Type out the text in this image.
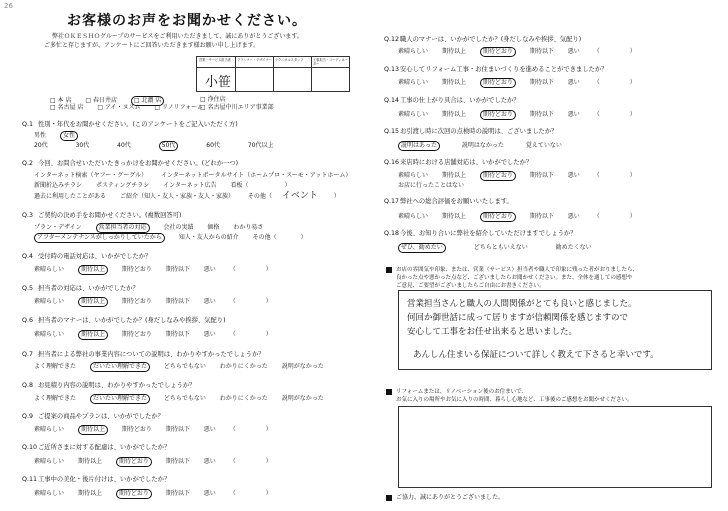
26
お客様のお声をお聞かせください。
弊社ＯＫＥＳＨＯグループのサービスをご利用いただきまして、誠にありがとうございます。
ご多忙と存じますが、アンケートにご回答いただきます様お願い申し上げます。
営業・サービス担当者	プランナー・デザイナー テクニカルスタッフ	工事担当・コーディネーター
小笹
□ 本 店 □ 春日井店	□ 北濃 店
□ 名古屋 店 □ アイ・ヌスム □ リノリフォーム
□ 浄住店
□ 名古屋中川エリア事業部
Q.1 性別・年代をお聞かせください。(このアンケートをご記入いただく方)
男性	女性
20代	30代	40代	50代	60代	70代以上
Q.2 今回、お問合せいただいたきっかけをお聞かせください。(どれか一つ)
インターネット検索（ヤフー・グーグル） インターネットポータルサイト（ホームプロ・スーモ・アットホーム）
新聞折込みチラシ ポスティングチラシ インターネット広告 看板（　　　　　　）
過去に利用したことがある ご紹介（知人・友人・家族・友人・家族） その他（ イベント	）
Q.3 ご契約の決め手をお聞かせください。(複数回答可)
プラン・デザイン	営業担当者の対応	会社の実績 価格 わかり易さ
アフターメンテナンスがしっかりしていたから	知人・友人からの紹介 その他（　　　　）
Q.4 受付時の電話対応は、いかがでしたか？
素晴らしい	期待以上	期待どおり 期待以下 悪い （　　　　　）
Q.5 担当者の対応は、いかがでしたか？
素晴らしい	期待以上	期待どおり 期待以下 悪い （　　　　　）
Q.6 担当者のマナーは、いかがでしたか？(身だしなみや挨拶、気配り)
素晴らしい	期待以上	期待どおり 期待以下 悪い （　　　　　）
Q.7 担当者による弊社の事業内容についての説明は、わかりやすかったでしょうか？
よく理解できた	だいたい理解できた	どちらでもない わかりにくかった 説明がなかった
Q.8 お見積り内容の説明は、わかりやすかったでしょうか？
よく理解できた	だいたい理解できた	どちらでもない わかりにくかった 説明がなかった
Q.9 ご提案の商品やプランは、いかがでしたか？
素晴らしい	期待以上	期待どおり 期待以下 悪い （　　　　　）
Q.10ご近所さまに対する配慮は、いかがでしたか？
素晴らしい 期待以上	期待どおり	期待以下 悪い （　　　　　）
Q.11工事中の美化・後片付けは、いかがでしたか？
素晴らしい 期待以上	期待どおり	期待以下 悪い （　　　　　）
Q.12職人のマナーは、いかがでしたか？(身だしなみや挨拶、気配り)
素晴らしい 期待以上	期待どおり	期待以下 悪い （　　　　　）
Q.13安心してリフォーム工事・お住まいづくりを進めることができましたか？
素晴らしい 期待以上	期待どおり	期待以下 悪い （　　　　　）
Q.14工事の仕上がり具合は、いかがでしたか？
素晴らしい 期待以上	期待どおり	期待以下 悪い （　　　　　）
Q.15お引渡し時に次回の点検時の説明は、ございましたか？
説明はあった	説明はなかった	覚えていない
Q.16来店時における店舗対応は、いかがでしたか？
素晴らしい 期待以上	期待どおり	期待以下 悪い （　　　　　）
お店に行ったことはない
Q.17弊社への総合評価をお願いいたします。
素晴らしい 期待以上	期待どおり	期待以下 悪い （　　　　　）
Q.18今後、お知り合いに弊社を紹介していただけますでしょうか？
ぜひ、勧めたい	どちらともいえない	勧めたくない
お店の雰囲気や印象、または、営業（サービス）担当者や職人で印象に残った者がおりましたら、
良かった点や悪かった点など、ございましたらお聞かせください。また、全体を通しての感想や
ご意見、ご要望がございましたらご自由にお書きください。
営業担当さんと職人の人間関係がとても良いと感じました。
何回か御世話に成って居りますが信頼関係を感じますので
安心して工事をお任せ出来ると思いました。
あんしん住まいる保証について詳しく教えて下さると幸いです。
リフォームまたは、リノベーション後のお住まいで、
お気に入りの場所やお気に入りの時間、暮らし心地など、工事後のご感想をお聞かせください。
ご協力、誠にありがとうございました。
